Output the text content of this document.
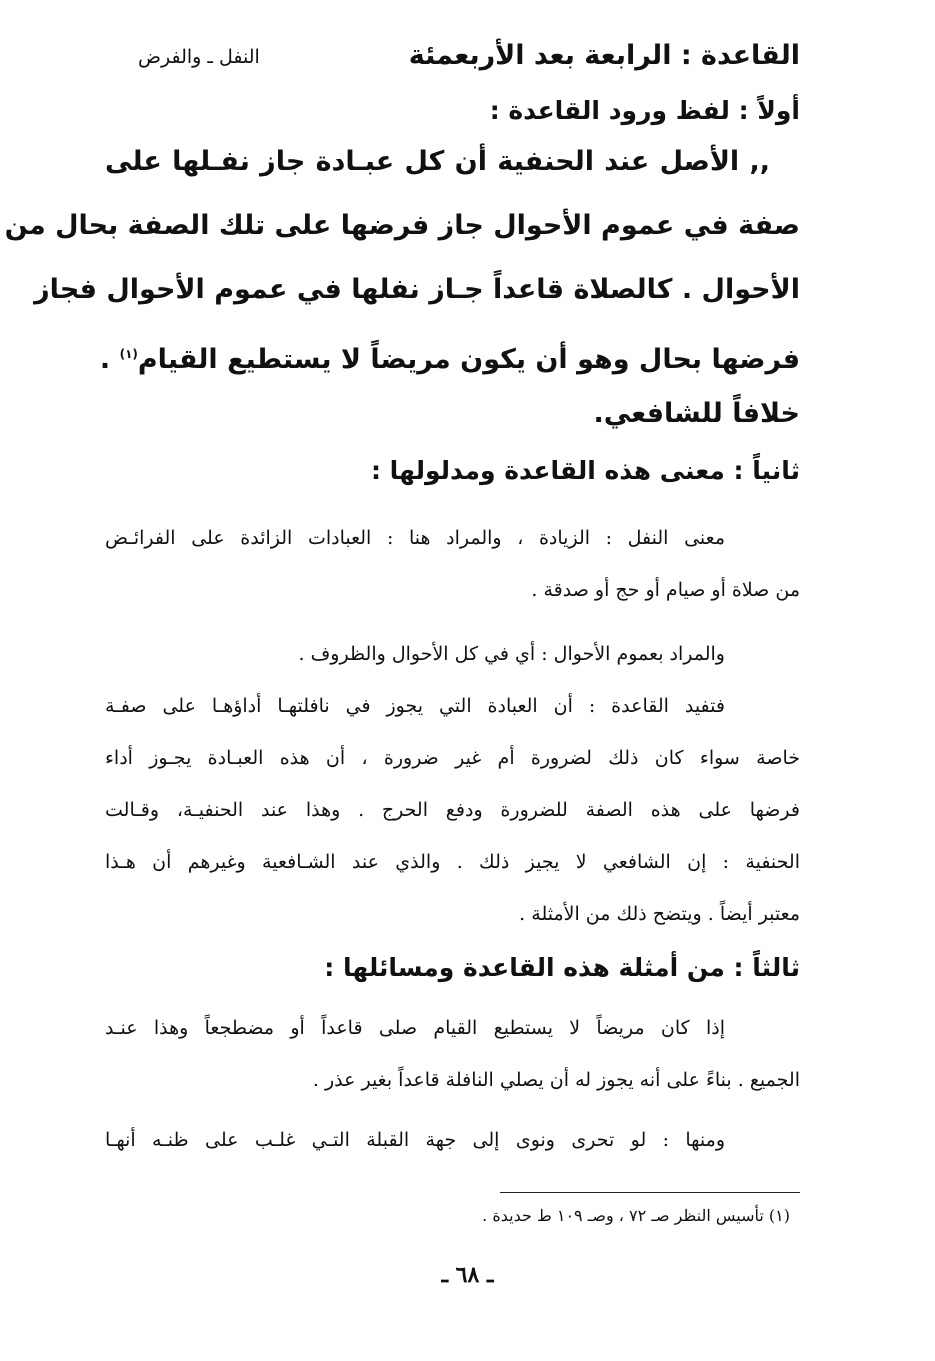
القاعدة : الرابعة بعد الأربعمئة
النفل ـ والفرض
أولاً : لفظ ورود القاعدة :
,, الأصل عند الحنفية أن كل عبـادة جاز نفـلها على
صفة في عموم الأحوال جاز فرضها على تلك الصفة بحال من
الأحوال . كالصلاة قاعداً جـاز نفلها في عموم الأحوال فجاز
فرضها بحال وهو أن يكون مريضاً لا يستطيع القيام$^{(١)}$ .
خلافاً للشافعي.
ثانياً : معنى هذه القاعدة ومدلولها :
معنى النفل : الزيادة ، والمراد هنا : العبادات الزائدة على الفرائـض
من صلاة أو صيام أو حج أو صدقة .
والمراد بعموم الأحوال : أي في كل الأحوال والظروف .
فتفيد القاعدة : أن العبادة التي يجوز في نافلتهـا أداؤهـا على صفـة
خاصة سواء كان ذلك لضرورة أم غير ضرورة ، أن هذه العبـادة يجـوز أداء
فرضها على هذه الصفة للضرورة ودفع الحرج . وهذا عند الحنفيـة، وقـالت
الحنفية : إن الشافعي لا يجيز ذلك . والذي عند الشـافعية وغيرهم أن هـذا
معتبر أيضاً . ويتضح ذلك من الأمثلة .
ثالثاً : من أمثلة هذه القاعدة ومسائلها :
إذا كان مريضاً لا يستطيع القيام صلى قاعداً أو مضطجعاً وهذا عنـد
الجميع . بناءً على أنه يجوز له أن يصلي النافلة قاعداً بغير عذر .
ومنها : لو تحرى ونوى إلى جهة القبلة التـي غلـب على ظنـه أنهـا
(١) تأسيس النظر صـ ٧٢ ، وصـ ١٠٩ ط حديدة .
ـ ٦٨ ـ
